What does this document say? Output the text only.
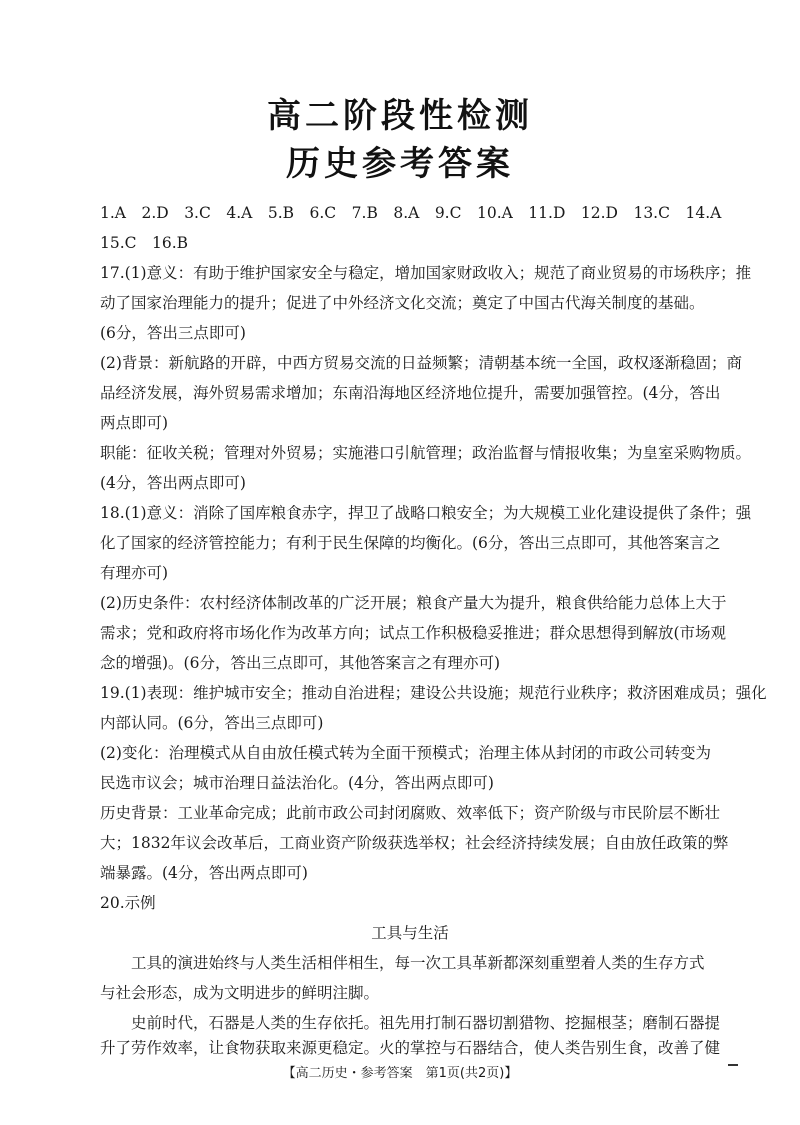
高二阶段性检测
历史参考答案
1.A　2.D　3.C　4.A　5.B　6.C　7.B　8.A　9.C　10.A　11.D　12.D　13.C　14.A
15.C　16.B
17.(1)意义：有助于维护国家安全与稳定，增加国家财政收入；规范了商业贸易的市场秩序；推
动了国家治理能力的提升；促进了中外经济文化交流；奠定了中国古代海关制度的基础。
(6分，答出三点即可)
(2)背景：新航路的开辟，中西方贸易交流的日益频繁；清朝基本统一全国，政权逐渐稳固；商
品经济发展，海外贸易需求增加；东南沿海地区经济地位提升，需要加强管控。(4分，答出
两点即可)
职能：征收关税；管理对外贸易；实施港口引航管理；政治监督与情报收集；为皇室采购物质。
(4分，答出两点即可)
18.(1)意义：消除了国库粮食赤字，捍卫了战略口粮安全；为大规模工业化建设提供了条件；强
化了国家的经济管控能力；有利于民生保障的均衡化。(6分，答出三点即可，其他答案言之
有理亦可)
(2)历史条件：农村经济体制改革的广泛开展；粮食产量大为提升，粮食供给能力总体上大于
需求；党和政府将市场化作为改革方向；试点工作积极稳妥推进；群众思想得到解放(市场观
念的增强)。(6分，答出三点即可，其他答案言之有理亦可)
19.(1)表现：维护城市安全；推动自治进程；建设公共设施；规范行业秩序；救济困难成员；强化
内部认同。(6分，答出三点即可)
(2)变化：治理模式从自由放任模式转为全面干预模式；治理主体从封闭的市政公司转变为
民选市议会；城市治理日益法治化。(4分，答出两点即可)
历史背景：工业革命完成；此前市政公司封闭腐败、效率低下；资产阶级与市民阶层不断壮
大；1832年议会改革后，工商业资产阶级获选举权；社会经济持续发展；自由放任政策的弊
端暴露。(4分，答出两点即可)
20.示例
工具与生活
　　工具的演进始终与人类生活相伴相生，每一次工具革新都深刻重塑着人类的生存方式
与社会形态，成为文明进步的鲜明注脚。
　　史前时代，石器是人类的生存依托。祖先用打制石器切割猎物、挖掘根茎；磨制石器提
升了劳作效率，让食物获取来源更稳定。火的掌控与石器结合，使人类告别生食，改善了健
【高二历史・参考答案　第1页(共2页)】
